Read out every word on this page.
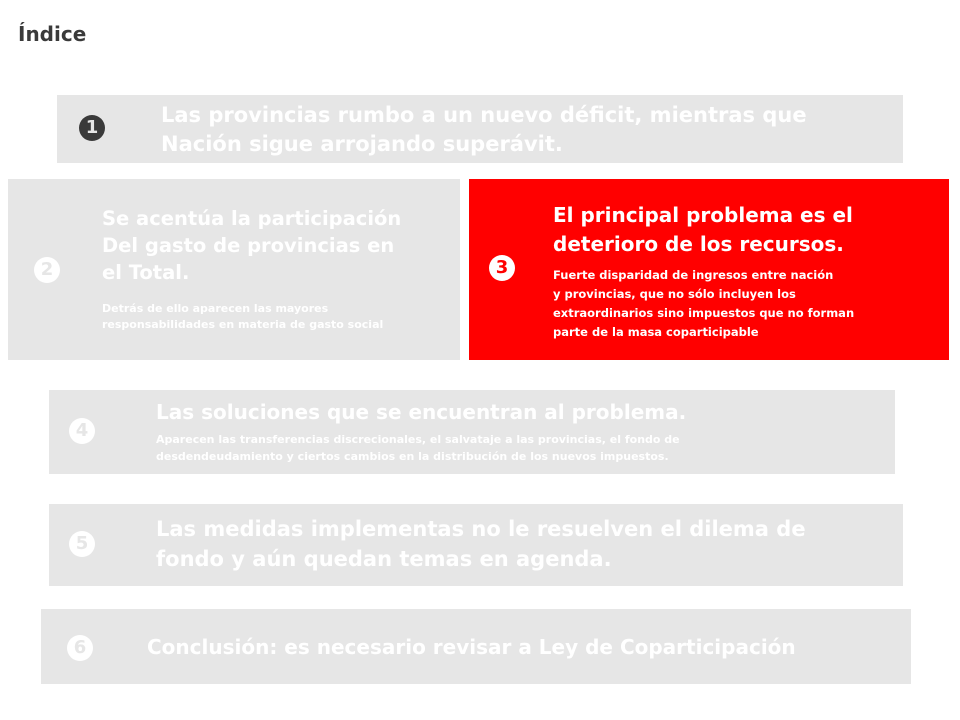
Índice
1
Las provincias rumbo a un nuevo déficit, mientras que
Nación sigue arrojando superávit.
2
Se acentúa la participación
Del gasto de provincias en
el Total.
Detrás de ello aparecen las mayores
responsabilidades en materia de gasto social
3
El principal problema es el
deterioro de los recursos.
Fuerte disparidad de ingresos entre nación
y provincias, que no sólo incluyen los
extraordinarios sino impuestos que no forman
parte de la masa coparticipable
4
Las soluciones que se encuentran al problema.
Aparecen las transferencias discrecionales, el salvataje a las provincias, el fondo de
desdendeudamiento y ciertos cambios en la distribución de los nuevos impuestos.
5
Las medidas implementas no le resuelven el dilema de
fondo y aún quedan temas en agenda.
6	Conclusión: es necesario revisar a Ley de Coparticipación
